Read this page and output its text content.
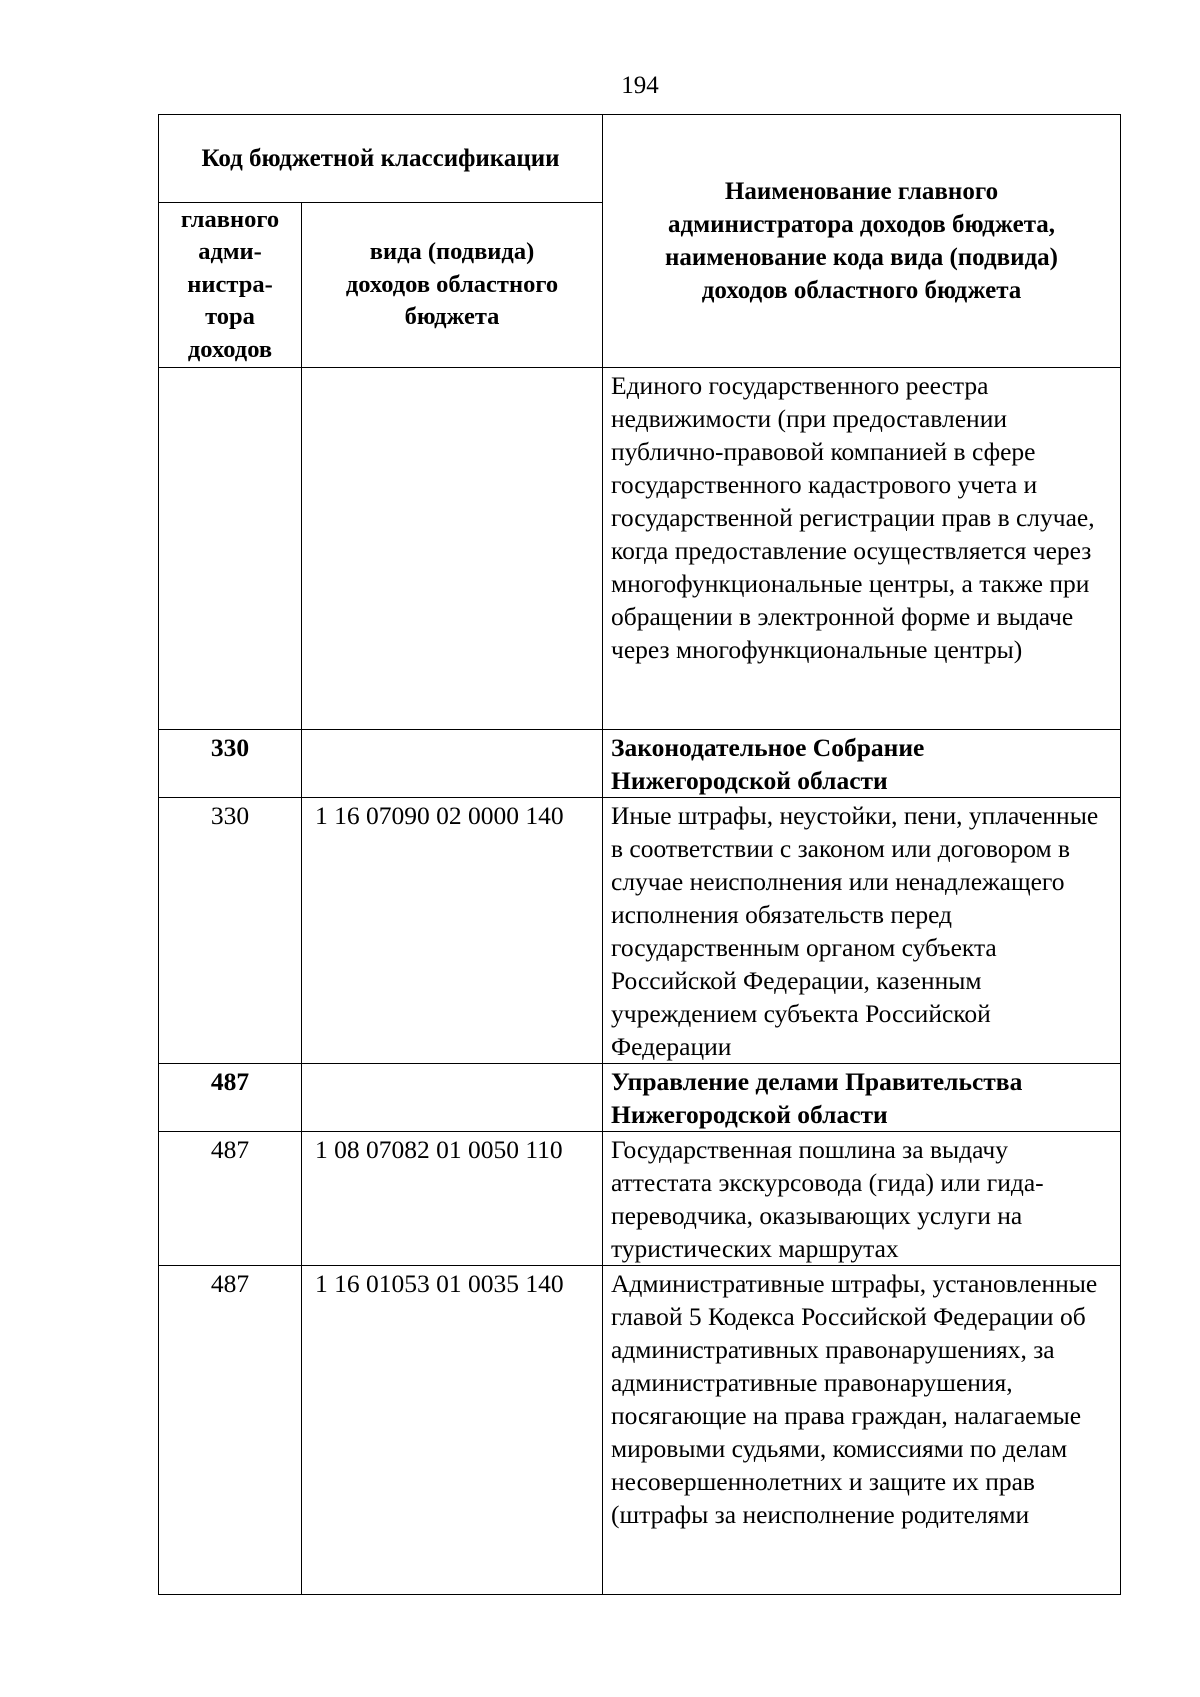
194
Код бюджетной классификации		Наименование главного
администратора доходов бюджета,
наименование кода вида (подвида)
доходов областного бюджета

главного
адми-
нистра-
тора
доходов	вида (подвида)
доходов областного
бюджета	

		Единого государственного реестра недвижимости (при предоставлении публично-правовой компанией в сфере государственного кадастрового учета и государственной регистрации прав в случае, когда предоставление осуществляется через многофункциональные центры, а также при обращении в электронной форме и выдаче через многофункциональные центры)
330		Законодательное Собрание Нижегородской области
330	1 16 07090 02 0000 140	Иные штрафы, неустойки, пени, уплаченные в соответствии с законом или договором в случае неисполнения или ненадлежащего исполнения обязательств перед государственным органом субъекта Российской Федерации, казенным учреждением субъекта Российской Федерации
487		Управление делами Правительства Нижегородской области
487	1 08 07082 01 0050 110	Государственная пошлина за выдачу аттестата экскурсовода (гида) или гида-переводчика, оказывающих услуги на туристических маршрутах
487	1 16 01053 01 0035 140	Административные штрафы, установленные главой 5 Кодекса Российской Федерации об административных правонарушениях, за административные правонарушения, посягающие на права граждан, налагаемые мировыми судьями, комиссиями по делам несовершеннолетних и защите их прав (штрафы за неисполнение родителями
